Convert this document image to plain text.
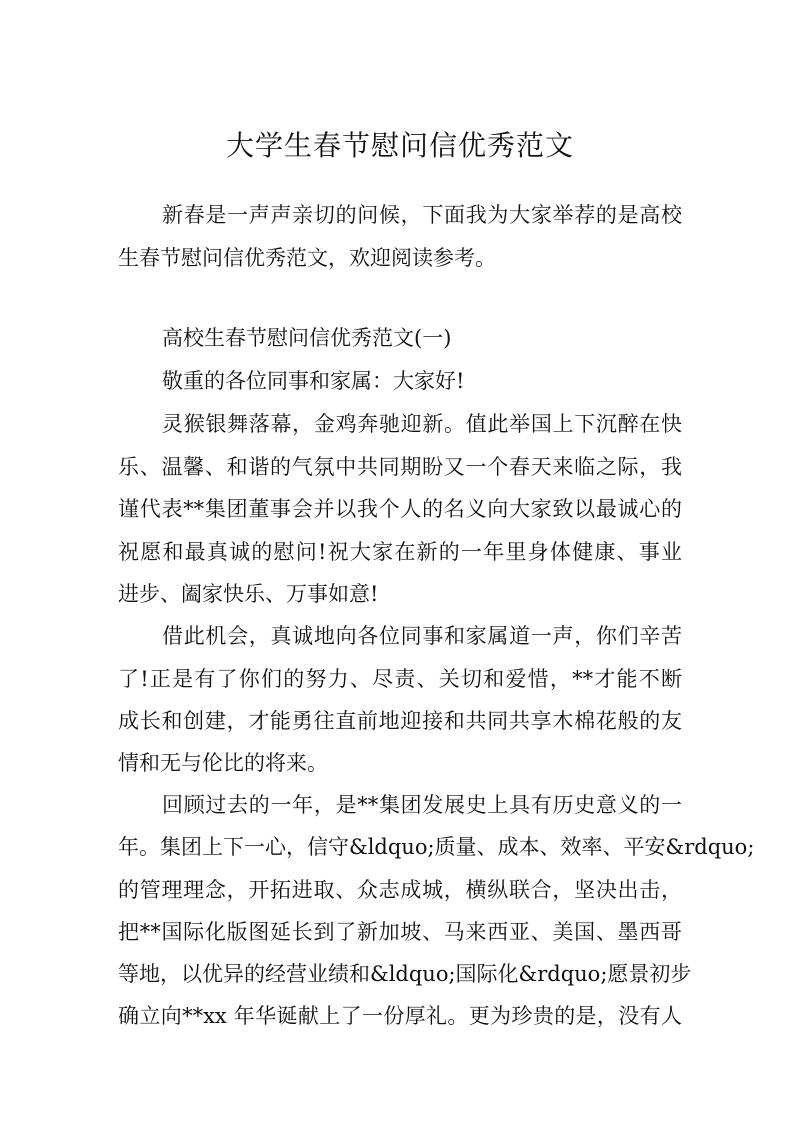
大学生春节慰问信优秀范文
新春是一声声亲切的问候，下面我为大家举荐的是高校
生春节慰问信优秀范文，欢迎阅读参考。
高校生春节慰问信优秀范文(一)
敬重的各位同事和家属：大家好!
灵猴银舞落幕，金鸡奔驰迎新。值此举国上下沉醉在快
乐、温馨、和谐的气氛中共同期盼又一个春天来临之际，我
谨代表**集团董事会并以我个人的名义向大家致以最诚心的
祝愿和最真诚的慰问!祝大家在新的一年里身体健康、事业
进步、阖家快乐、万事如意!
借此机会，真诚地向各位同事和家属道一声，你们辛苦
了!正是有了你们的努力、尽责、关切和爱惜，**才能不断
成长和创建，才能勇往直前地迎接和共同共享木棉花般的友
情和无与伦比的将来。
回顾过去的一年，是**集团发展史上具有历史意义的一
年。集团上下一心，信守&ldquo;质量、成本、效率、平安&rdquo;
的管理理念，开拓进取、众志成城，横纵联合，坚决出击，
把**国际化版图延长到了新加坡、马来西亚、美国、墨西哥
等地，以优异的经营业绩和&ldquo;国际化&rdquo;愿景初步
确立向**xx 年华诞献上了一份厚礼。更为珍贵的是，没有人
